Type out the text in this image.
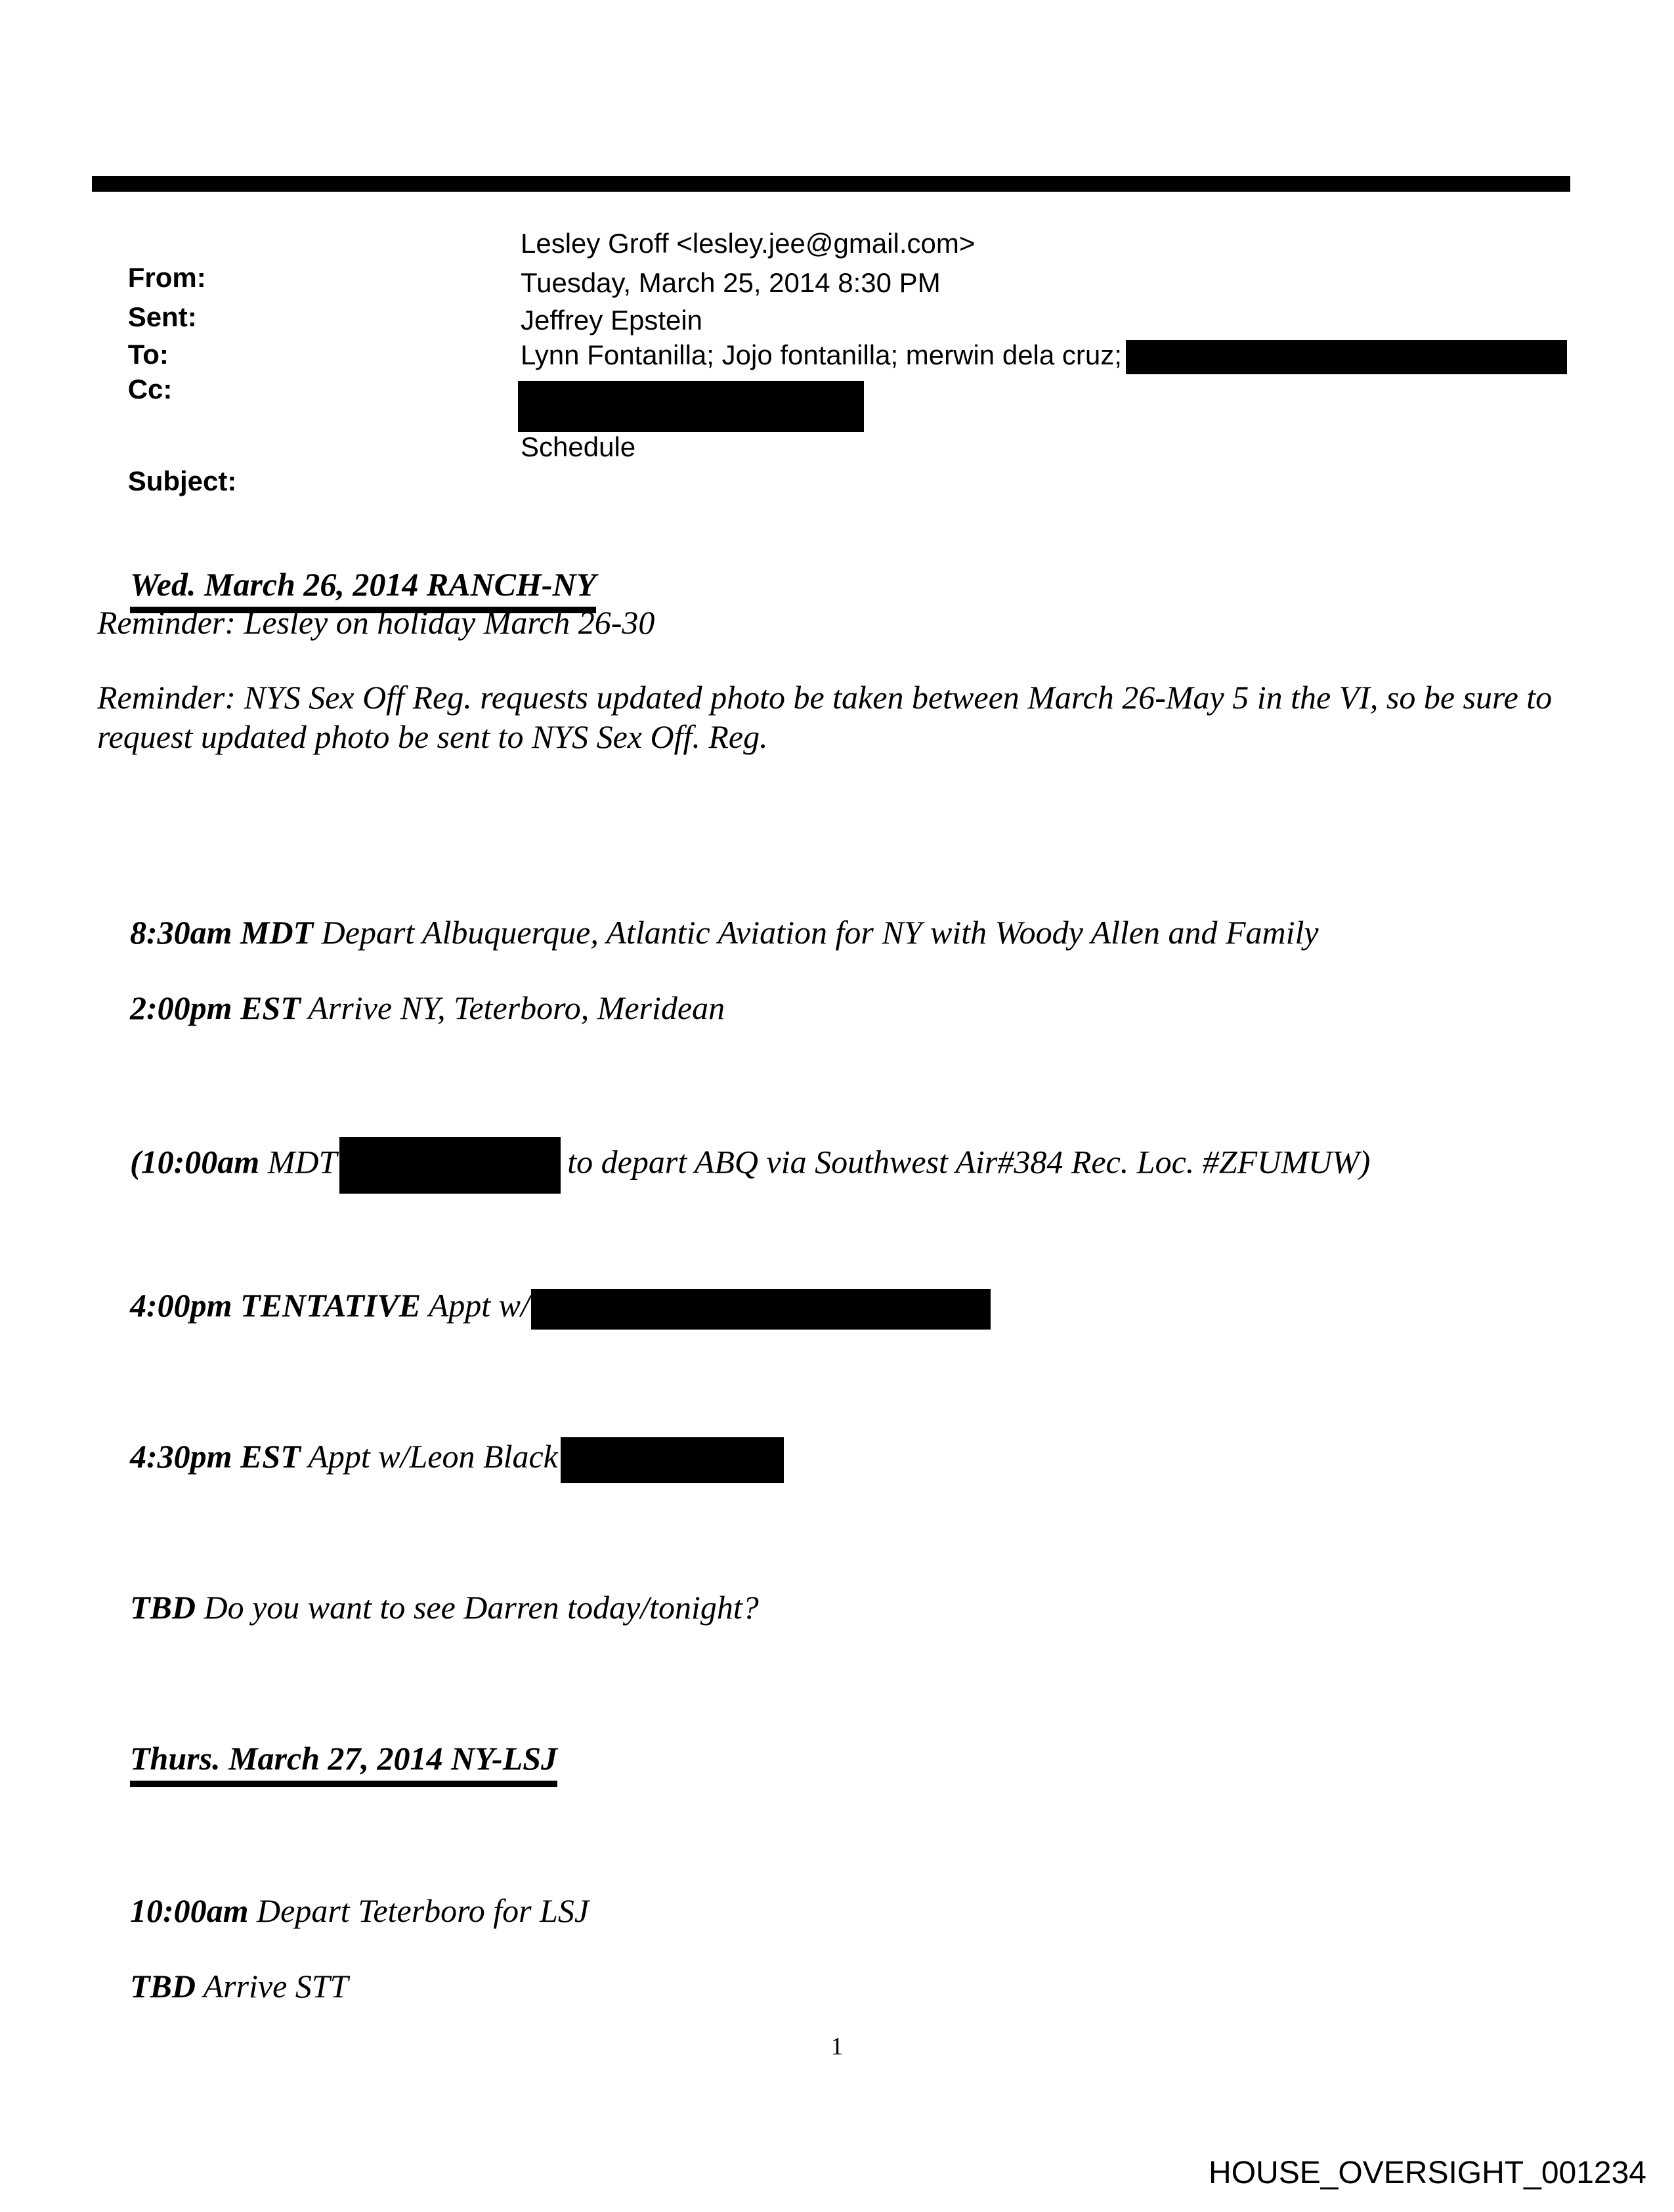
From:

Lesley Groff <lesley.jee@gmail.com>

Sent:

Tuesday, March 25, 2014 8:30 PM

To:

Jeffrey Epstein

Cc:

Lynn Fontanilla; Jojo fontanilla; merwin dela cruz;

Subject:

Schedule

Wed. March 26, 2014 RANCH-NY

Reminder: Lesley on holiday March 26-30
Reminder: NYS Sex Off Reg. requests updated photo be taken between March 26-May 5 in the VI, so be sure to request updated photo be sent to NYS Sex Off. Reg.

8:30am MDT Depart Albuquerque, Atlantic Aviation for NY with Woody Allen and Family

2:00pm EST Arrive NY, Teterboro, Meridean

(10:00am MDT	to depart ABQ via Southwest Air#384 Rec. Loc. #ZFUMUW)

4:00pm TENTATIVE Appt w/

4:30pm EST Appt w/Leon Black

TBD Do you want to see Darren today/tonight?

Thurs. March 27, 2014 NY-LSJ

10:00am Depart Teterboro for LSJ

TBD Arrive STT

1
HOUSE_OVERSIGHT_001234
